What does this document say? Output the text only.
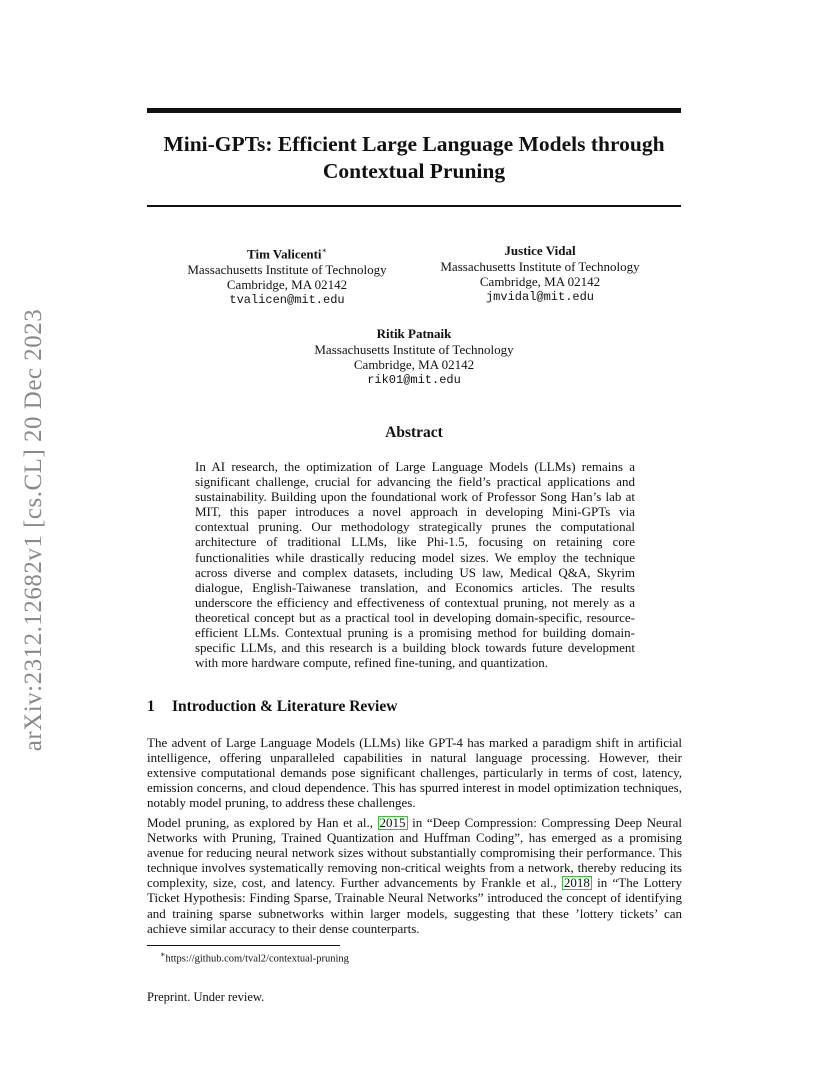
arXiv:2312.12682v1 [cs.CL] 20 Dec 2023
Mini-GPTs: Efficient Large Language Models through Contextual Pruning
Tim Valicenti∗
Massachusetts Institute of Technology
Cambridge, MA 02142
tvalicen@mit.edu
Justice Vidal
Massachusetts Institute of Technology
Cambridge, MA 02142
jmvidal@mit.edu
Ritik Patnaik
Massachusetts Institute of Technology
Cambridge, MA 02142
rik01@mit.edu
Abstract

In AI research, the optimization of Large Language Models (LLMs) remains a significant challenge, crucial for advancing the field’s practical applications and sustainability. Building upon the foundational work of Professor Song Han’s lab at MIT, this paper introduces a novel approach in developing Mini-GPTs via contextual pruning. Our methodology strategically prunes the computational architecture of traditional LLMs, like Phi-1.5, focusing on retaining core functionalities while drastically reducing model sizes. We employ the technique across diverse and complex datasets, including US law, Medical Q&A, Skyrim dialogue, English-Taiwanese translation, and Economics articles. The results underscore the efficiency and effectiveness of contextual pruning, not merely as a theoretical concept but as a practical tool in developing domain-specific, resource-efficient LLMs. Contextual pruning is a promising method for building domain-specific LLMs, and this research is a building block towards future development with more hardware compute, refined fine-tuning, and quantization.

1 Introduction & Literature Review

The advent of Large Language Models (LLMs) like GPT-4 has marked a paradigm shift in artificial intelligence, offering unparalleled capabilities in natural language processing. However, their extensive computational demands pose significant challenges, particularly in terms of cost, latency, emission concerns, and cloud dependence. This has spurred interest in model optimization techniques, notably model pruning, to address these challenges.

Model pruning, as explored by Han et al., 2015 in “Deep Compression: Compressing Deep Neural Networks with Pruning, Trained Quantization and Huffman Coding”, has emerged as a promising avenue for reducing neural network sizes without substantially compromising their performance. This technique involves systematically removing non-critical weights from a network, thereby reducing its complexity, size, cost, and latency. Further advancements by Frankle et al., 2018 in “The Lottery Ticket Hypothesis: Finding Sparse, Trainable Neural Networks” introduced the concept of identifying and training sparse subnetworks within larger models, suggesting that these ’lottery tickets’ can achieve similar accuracy to their dense counterparts.

∗https://github.com/tval2/contextual-pruning

Preprint. Under review.
